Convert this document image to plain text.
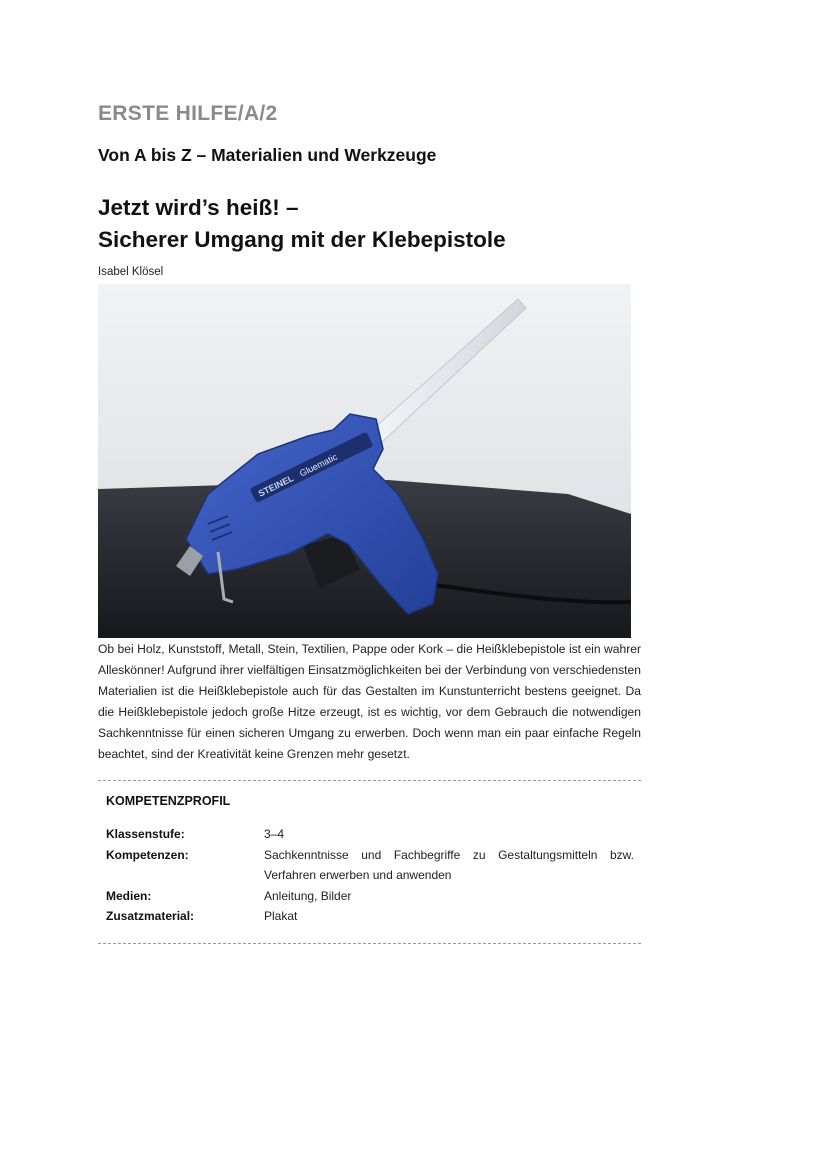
ERSTE HILFE/A/2
Von A bis Z – Materialien und Werkzeuge
Jetzt wird’s heiß! –
Sicherer Umgang mit der Klebepistole
Isabel Klösel
STEINEL
Gluematic
Ob bei Holz, Kunststoff, Metall, Stein, Textilien, Pappe oder Kork – die Heißklebepistole ist ein wahrer Alleskönner! Aufgrund ihrer vielfältigen Einsatzmöglichkeiten bei der Verbindung von verschiedensten Materialien ist die Heißklebepistole auch für das Gestalten im Kunstunterricht bestens geeignet. Da die Heißklebepistole jedoch große Hitze erzeugt, ist es wichtig, vor dem Gebrauch die notwendigen Sachkenntnisse für einen sicheren Umgang zu erwerben. Doch wenn man ein paar einfache Regeln beachtet, sind der Kreativität keine Grenzen mehr gesetzt.
KOMPETENZPROFIL
Klassenstufe:	3–4
Kompetenzen:	Sachkenntnisse und Fachbegriffe zu Gestaltungsmitteln bzw. Verfahren erwerben und anwenden
Medien:	Anleitung, Bilder
Zusatzmaterial:	Plakat
